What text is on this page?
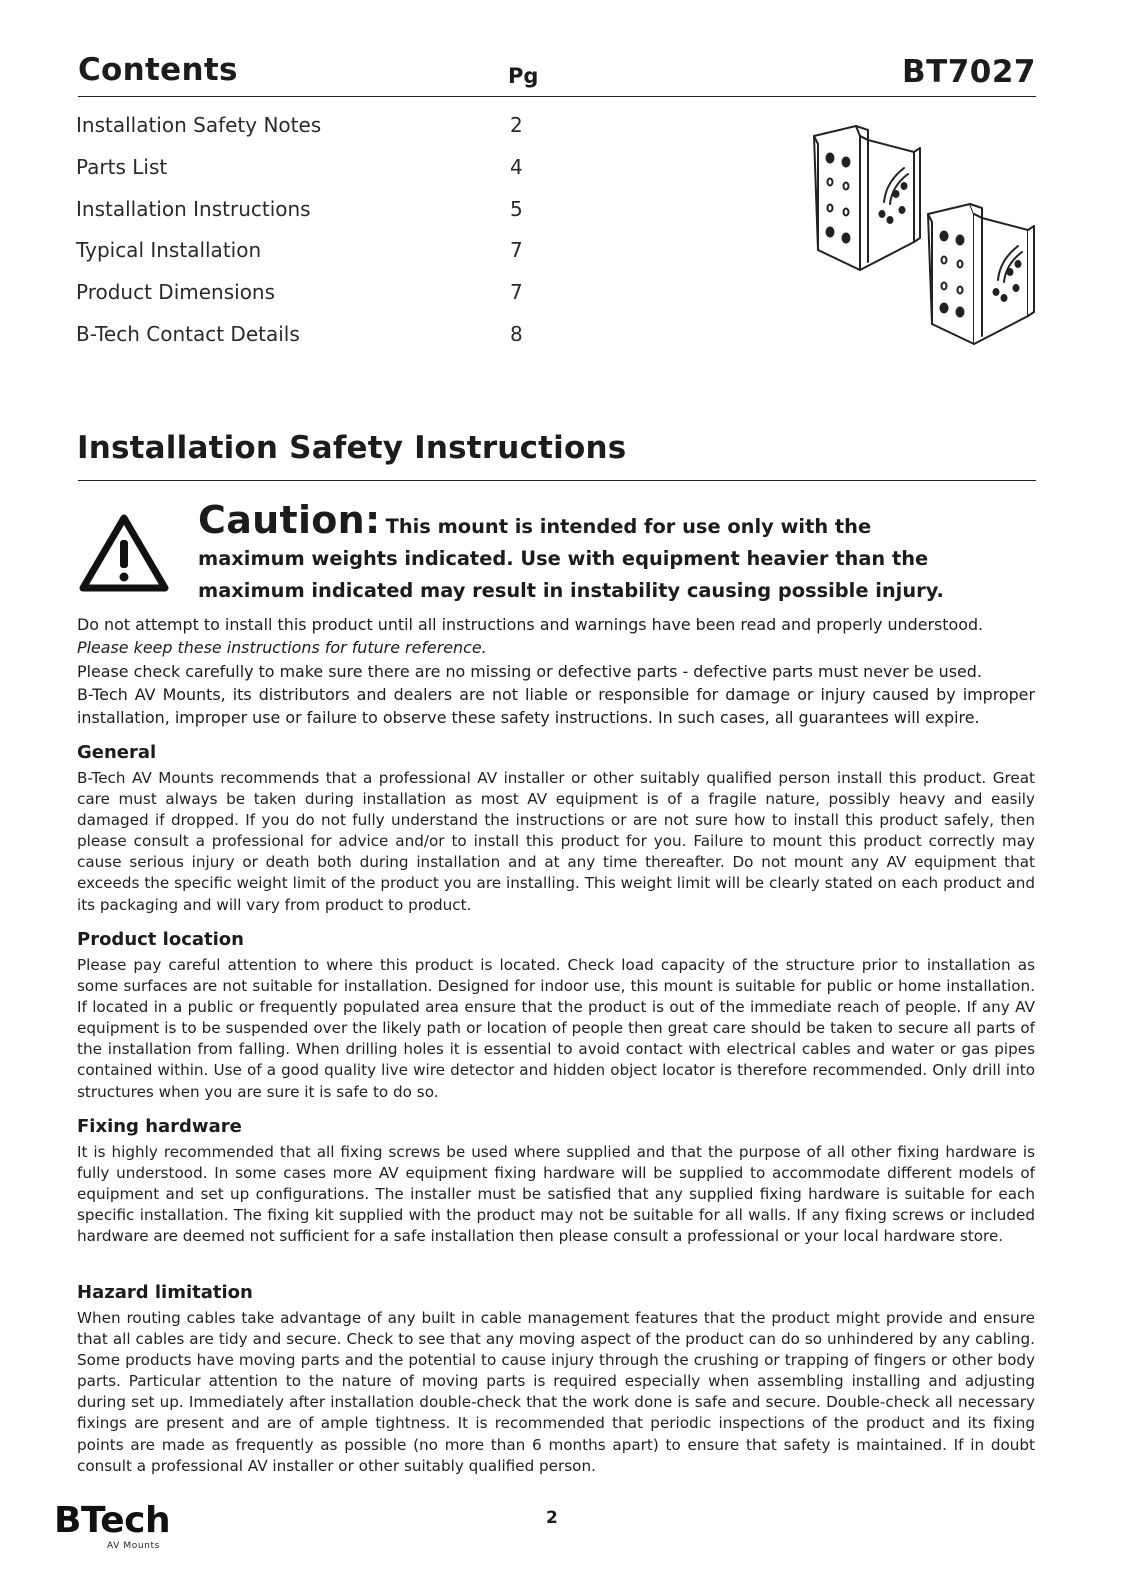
Contents	Pg	BT7027
Installation Safety Notes	2
Parts List	4
Installation Instructions	5
Typical Installation	7
Product Dimensions	7
B-Tech Contact Details	8
Installation Safety Instructions
Caution: This mount is intended for use only with the
maximum weights indicated. Use with equipment heavier than the
maximum indicated may result in instability causing possible injury.

Do not attempt to install this product until all instructions and warnings have been read and properly understood.

Please keep these instructions for future reference.

Please check carefully to make sure there are no missing or defective parts - defective parts must never be used.

B-Tech AV Mounts, its distributors and dealers are not liable or responsible for damage or injury caused by improper installation, improper use or failure to observe these safety instructions. In such cases, all guarantees will expire.

General

B-Tech AV Mounts recommends that a professional AV installer or other suitably qualified person install this product. Great care must always be taken during installation as most AV equipment is of a fragile nature, possibly heavy and easily damaged if dropped. If you do not fully understand the instructions or are not sure how to install this product safely, then please consult a professional for advice and/or to install this product for you. Failure to mount this product correctly may cause serious injury or death both during installation and at any time thereafter. Do not mount any AV equipment that exceeds the specific weight limit of the product you are installing. This weight limit will be clearly stated on each product and its packaging and will vary from product to product.

Product location

Please pay careful attention to where this product is located. Check load capacity of the structure prior to installation as some surfaces are not suitable for installation. Designed for indoor use, this mount is suitable for public or home installation. If located in a public or frequently populated area ensure that the product is out of the immediate reach of people. If any AV equipment is to be suspended over the likely path or location of people then great care should be taken to secure all parts of the installation from falling. When drilling holes it is essential to avoid contact with electrical cables and water or gas pipes contained within. Use of a good quality live wire detector and hidden object locator is therefore recommended. Only drill into structures when you are sure it is safe to do so.

Fixing hardware

It is highly recommended that all fixing screws be used where supplied and that the purpose of all other fixing hardware is fully understood. In some cases more AV equipment fixing hardware will be supplied to accommodate different models of equipment and set up configurations. The installer must be satisfied that any supplied fixing hardware is suitable for each specific installation. The fixing kit supplied with the product may not be suitable for all walls. If any fixing screws or included hardware are deemed not sufficient for a safe installation then please consult a professional or your local hardware store.

Hazard limitation

When routing cables take advantage of any built in cable management features that the product might provide and ensure that all cables are tidy and secure. Check to see that any moving aspect of the product can do so unhindered by any cabling. Some products have moving parts and the potential to cause injury through the crushing or trapping of fingers or other body parts. Particular attention to the nature of moving parts is required especially when assembling installing and adjusting during set up. Immediately after installation double-check that the work done is safe and secure. Double-check all necessary fixings are present and are of ample tightness. It is recommended that periodic inspections of the product and its fixing points are made as frequently as possible (no more than 6 months apart) to ensure that safety is maintained. If in doubt consult a professional AV installer or other suitably qualified person.

BTech
AV Mounts
2
